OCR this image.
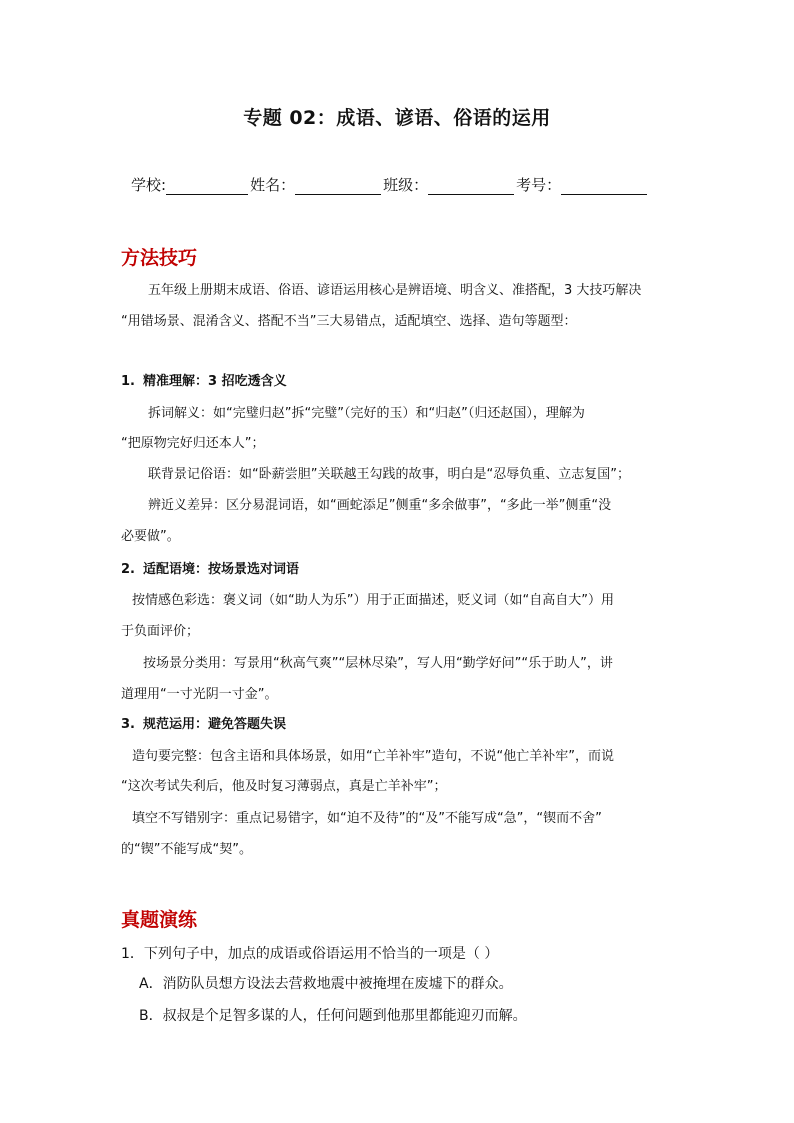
专题 02：成语、谚语、俗语的运用
学校:	姓名：	班级：	考号：
方法技巧
五年级上册期末成语、俗语、谚语运用核心是辨语境、明含义、准搭配，3 大技巧解决
“用错场景、混淆含义、搭配不当”三大易错点，适配填空、选择、造句等题型：
1. 精准理解：3 招吃透含义
拆词解义：如“完璧归赵”拆“完璧”（完好的玉）和“归赵”（归还赵国），理解为
“把原物完好归还本人”；
联背景记俗语：如“卧薪尝胆”关联越王勾践的故事，明白是“忍辱负重、立志复国”；
辨近义差异：区分易混词语，如“画蛇添足”侧重“多余做事”，“多此一举”侧重“没
必要做”。
2. 适配语境：按场景选对词语
按情感色彩选：褒义词（如“助人为乐”）用于正面描述，贬义词（如“自高自大”）用
于负面评价；
按场景分类用：写景用“秋高气爽”“层林尽染”，写人用“勤学好问”“乐于助人”，讲
道理用“一寸光阴一寸金”。
3. 规范运用：避免答题失误
造句要完整：包含主语和具体场景，如用“亡羊补牢”造句，不说“他亡羊补牢”，而说
“这次考试失利后，他及时复习薄弱点，真是亡羊补牢”；
填空不写错别字：重点记易错字，如“迫不及待”的“及”不能写成“急”，“锲而不舍”
的“锲”不能写成“契”。
真题演练
1．下列句子中，加点的成语或俗语运用不恰当的一项是（ ）
A．消防队员想方设法去营救地震中被掩埋在废墟下的群众。
B．叔叔是个足智多谋的人，任何问题到他那里都能迎刃而解。
